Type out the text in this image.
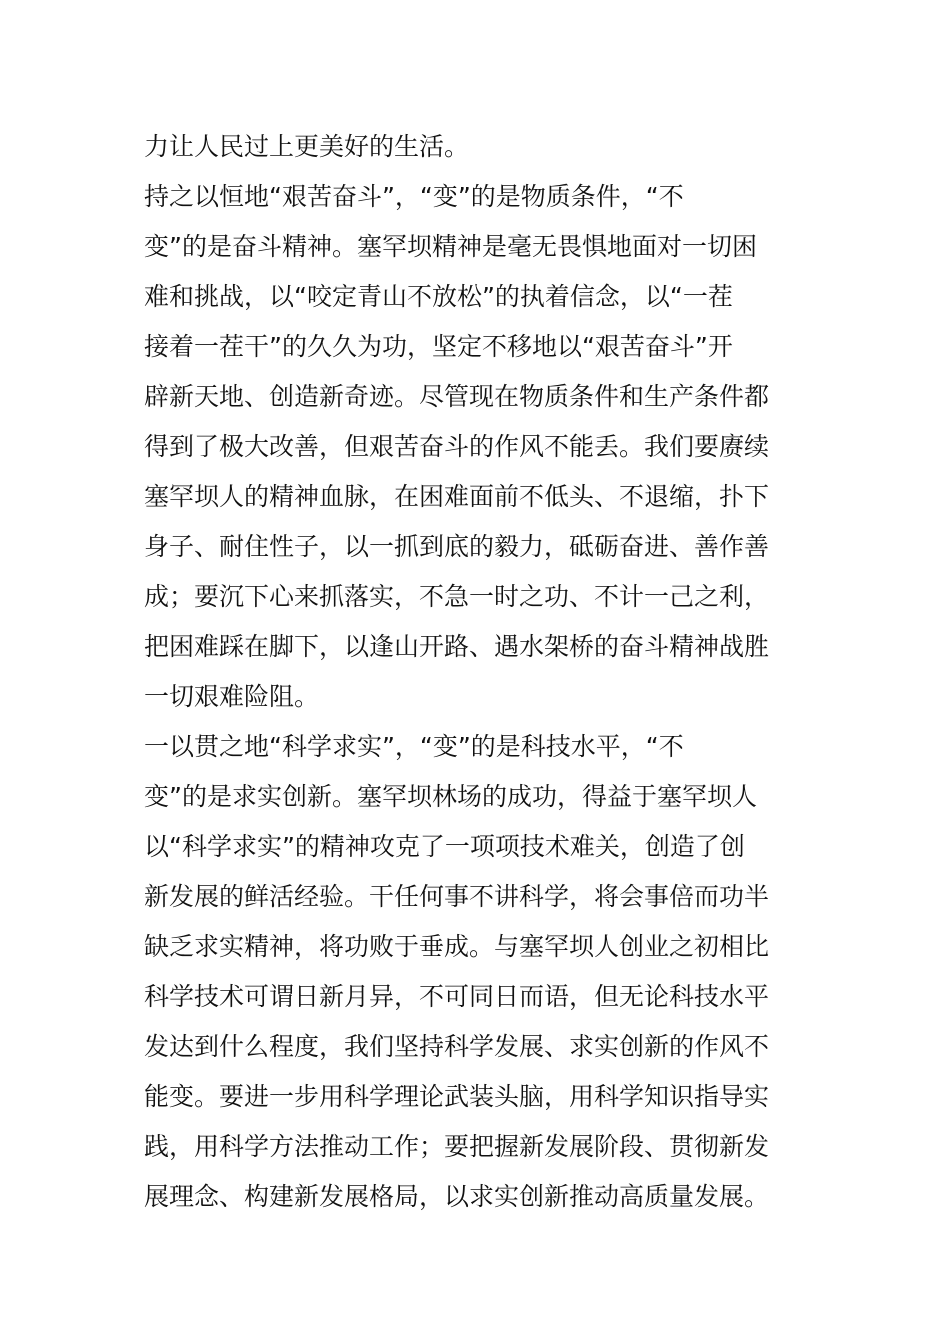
力让人民过上更美好的生活。
持之以恒地“艰苦奋斗”，“变”的是物质条件，“不
变”的是奋斗精神。塞罕坝精神是毫无畏惧地面对一切困
难和挑战，以“咬定青山不放松”的执着信念，以“一茬
接着一茬干”的久久为功，坚定不移地以“艰苦奋斗”开
辟新天地、创造新奇迹。尽管现在物质条件和生产条件都
得到了极大改善，但艰苦奋斗的作风不能丢。我们要赓续
塞罕坝人的精神血脉，在困难面前不低头、不退缩，扑下
身子、耐住性子，以一抓到底的毅力，砥砺奋进、善作善
成；要沉下心来抓落实，不急一时之功、不计一己之利，
把困难踩在脚下，以逢山开路、遇水架桥的奋斗精神战胜
一切艰难险阻。
一以贯之地“科学求实”，“变”的是科技水平，“不
变”的是求实创新。塞罕坝林场的成功，得益于塞罕坝人
以“科学求实”的精神攻克了一项项技术难关，创造了创
新发展的鲜活经验。干任何事不讲科学，将会事倍而功半
缺乏求实精神，将功败于垂成。与塞罕坝人创业之初相比
科学技术可谓日新月异，不可同日而语，但无论科技水平
发达到什么程度，我们坚持科学发展、求实创新的作风不
能变。要进一步用科学理论武装头脑，用科学知识指导实
践，用科学方法推动工作；要把握新发展阶段、贯彻新发
展理念、构建新发展格局，以求实创新推动高质量发展。
